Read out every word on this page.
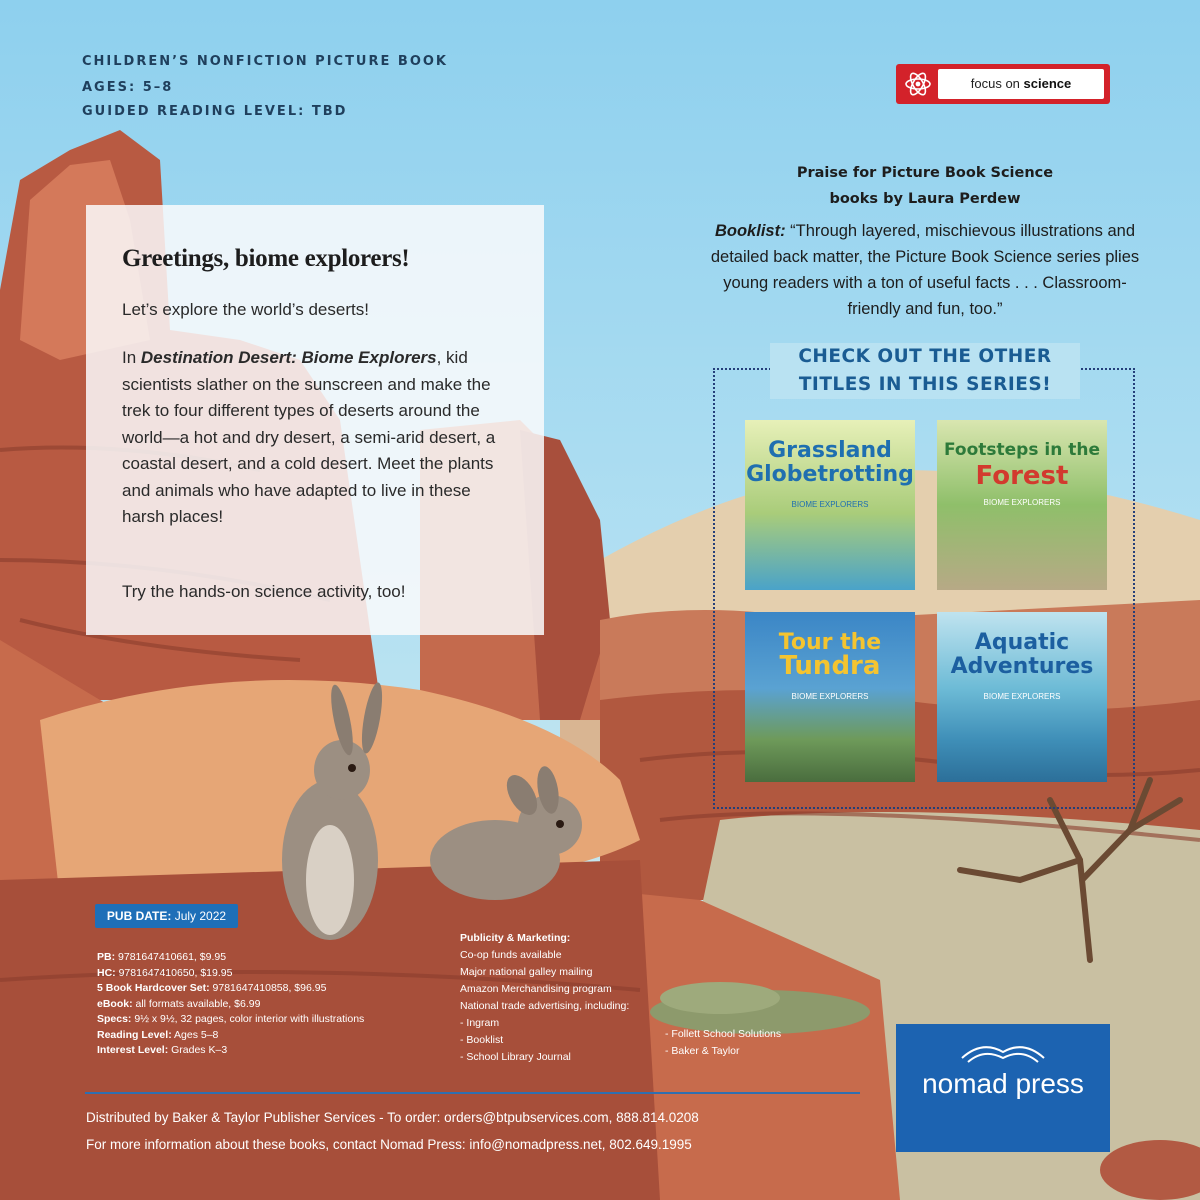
CHILDREN’S NONFICTION PICTURE BOOK
AGES: 5–8
GUIDED READING LEVEL: TBD
focus on science
Greetings, biome explorers!

Let’s explore the world’s deserts!

In Destination Desert: Biome Explorers, kid scientists slather on the sunscreen and make the trek to four different types of deserts around the world—a hot and dry desert, a semi-arid desert, a coastal desert, and a cold desert. Meet the plants and animals who have adapted to live in these harsh places!

Try the hands-on science activity, too!

Praise for Picture Book Science
books by Laura Perdew
Booklist: “Through layered, mischievous illustrations and detailed back matter, the Picture Book Science series plies young readers with a ton of useful facts . . . Classroom-friendly and fun, too.”
CHECK OUT THE OTHER
TITLES IN THIS SERIES!
Grassland
Globetrotting
BIOME EXPLORERS
Footsteps in the
Forest
BIOME EXPLORERS
Tour the
Tundra
BIOME EXPLORERS
Aquatic
Adventures
BIOME EXPLORERS
PUB DATE: July 2022
PB: 9781647410661, $9.95
HC: 9781647410650, $19.95
5 Book Hardcover Set: 9781647410858, $96.95
eBook: all formats available, $6.99
Specs: 9½ x 9½, 32 pages, color interior with illustrations
Reading Level: Ages 5–8
Interest Level: Grades K–3
Publicity & Marketing:
Co-op funds available
Major national galley mailing
Amazon Merchandising program
National trade advertising, including:
- Ingram
- Booklist
- School Library Journal
- Follett School Solutions
- Baker & Taylor
Distributed by Baker & Taylor Publisher Services - To order: orders@btpubservices.com, 888.814.0208
For more information about these books, contact Nomad Press: info@nomadpress.net, 802.649.1995
nomad press
